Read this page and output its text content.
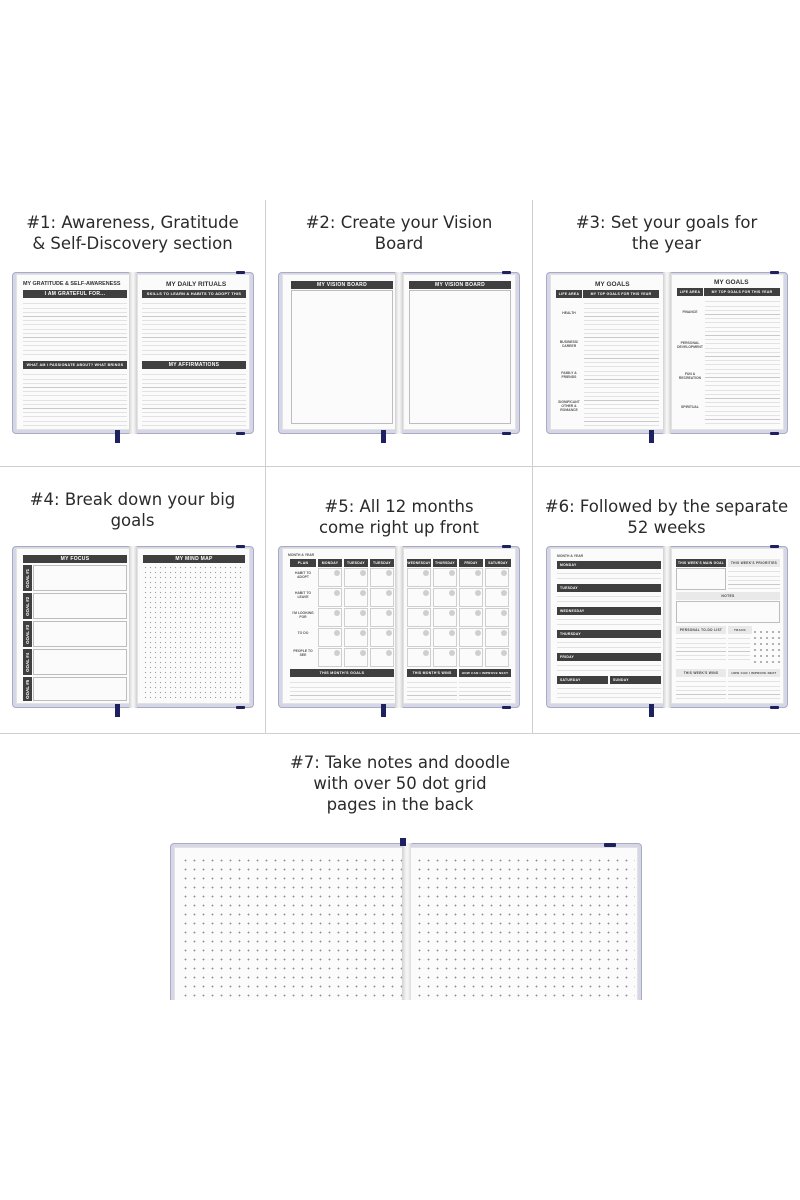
#1: Awareness, Gratitude
& Self-Discovery section
#2: Create your Vision
Board
#3: Set your goals for
the year
#4: Break down your big
goals
#5: All 12 months
come right up front
#6: Followed by the separate
52 weeks
#7: Take notes and doodle
with over 50 dot grid
pages in the back
MY GRATITUDE & SELF-AWARENESS
I AM GRATEFUL FOR...
WHAT AM I PASSIONATE ABOUT? WHAT BRINGS
MY DAILY RITUALS
SKILLS TO LEARN & HABITS TO ADOPT THIS
MY AFFIRMATIONS
MY VISION BOARD	MY VISION BOARD	MY GOALS
LIFE AREA	MY TOP GOALS FOR THIS YEAR
HEALTH
BUSINESS/ CAREER
FAMILY & FRIENDS
SIGNIFICANT OTHER & ROMANCE
MY GOALS
LIFE AREA	MY TOP GOALS FOR THIS YEAR
FINANCE
PERSONAL DEVELOPMENT
FUN & RECREATION
SPIRITUAL
MY FOCUS
GOAL #1
GOAL #2
GOAL #3
GOAL #4
GOAL #5
MY MIND MAP
MONTH & YEAR
PLAN	MONDAY	TUESDAY	TUESDAY
HABIT TO ADOPT
HABIT TO LEAVE
I'M LOOKING FOR
TO DO
PEOPLE TO SEE
THIS MONTH'S GOALS
WEDNESDAY	THURSDAY	FRIDAY	SATURDAY
THIS MONTH'S WINS	HOW CAN I IMPROVE NEXT
MONTH & YEAR
MONDAY
TUESDAY
WEDNESDAY
THURSDAY
FRIDAY
SATURDAY	SUNDAY
THIS WEEK'S MAIN GOAL	THIS WEEK'S PRIORITIES
NOTES
PERSONAL TO-DO LIST	TRACK
THIS WEEK'S WINS	HOW CAN I IMPROVE NEXT
